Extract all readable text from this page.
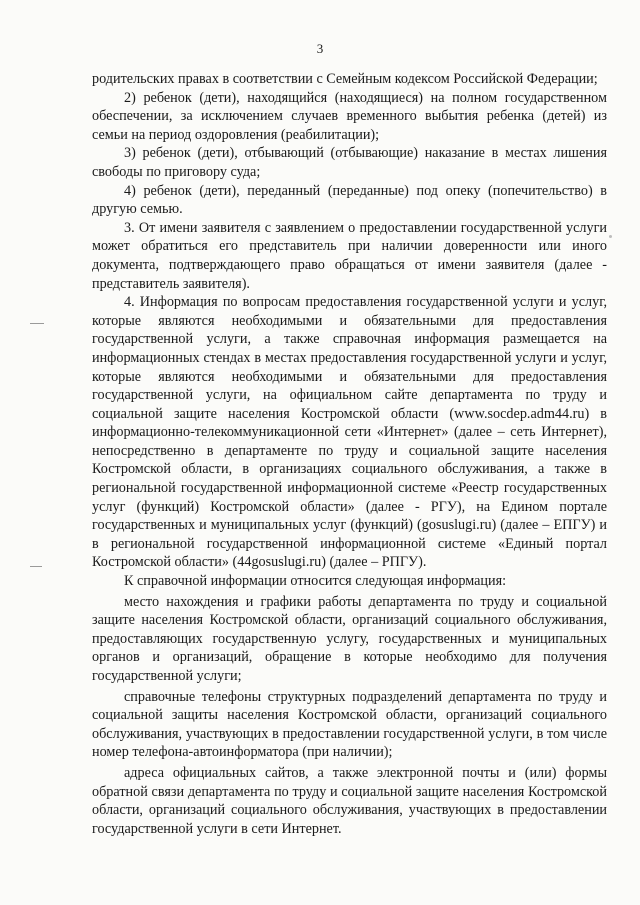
3

родительских правах в соответствии с Семейным кодексом Российской Федерации;

2) ребенок (дети), находящийся (находящиеся) на полном государственном обеспечении, за исключением случаев временного выбытия ребенка (детей) из семьи на период оздоровления (реабилитации);

3) ребенок (дети), отбывающий (отбывающие) наказание в местах лишения свободы по приговору суда;

4) ребенок (дети), переданный (переданные) под опеку (попечительство) в другую семью.

3. От имени заявителя с заявлением о предоставлении государственной услуги может обратиться его представитель при наличии доверенности или иного документа, подтверждающего право обращаться от имени заявителя (далее - представитель заявителя).

4. Информация по вопросам предоставления государственной услуги и услуг, которые являются необходимыми и обязательными для предоставления государственной услуги, а также справочная информация размещается на информационных стендах в местах предоставления государственной услуги и услуг, которые являются необходимыми и обязательными для предоставления государственной услуги, на официальном сайте департамента по труду и социальной защите населения Костромской области (www.socdep.adm44.ru) в информационно-телекоммуникационной сети «Интернет» (далее – сеть Интернет), непосредственно в департаменте по труду и социальной защите населения Костромской области, в организациях социального обслуживания, а также в региональной государственной информационной системе «Реестр государственных услуг (функций) Костромской области» (далее - РГУ), на Едином портале государственных и муниципальных услуг (функций) (gosuslugi.ru) (далее – ЕПГУ) и в региональной государственной информационной системе «Единый портал Костромской области» (44gosuslugi.ru) (далее – РПГУ).

К справочной информации относится следующая информация:

место нахождения и графики работы департамента по труду и социальной защите населения Костромской области, организаций социального обслуживания, предоставляющих государственную услугу, государственных и муниципальных органов и организаций, обращение в которые необходимо для получения государственной услуги;

справочные телефоны структурных подразделений департамента по труду и социальной защиты населения Костромской области, организаций социального обслуживания, участвующих в предоставлении государственной услуги, в том числе номер телефона-автоинформатора (при наличии);

адреса официальных сайтов, а также электронной почты и (или) формы обратной связи департамента по труду и социальной защите населения Костромской области, организаций социального обслуживания, участвующих в предоставлении государственной услуги в сети Интернет.
